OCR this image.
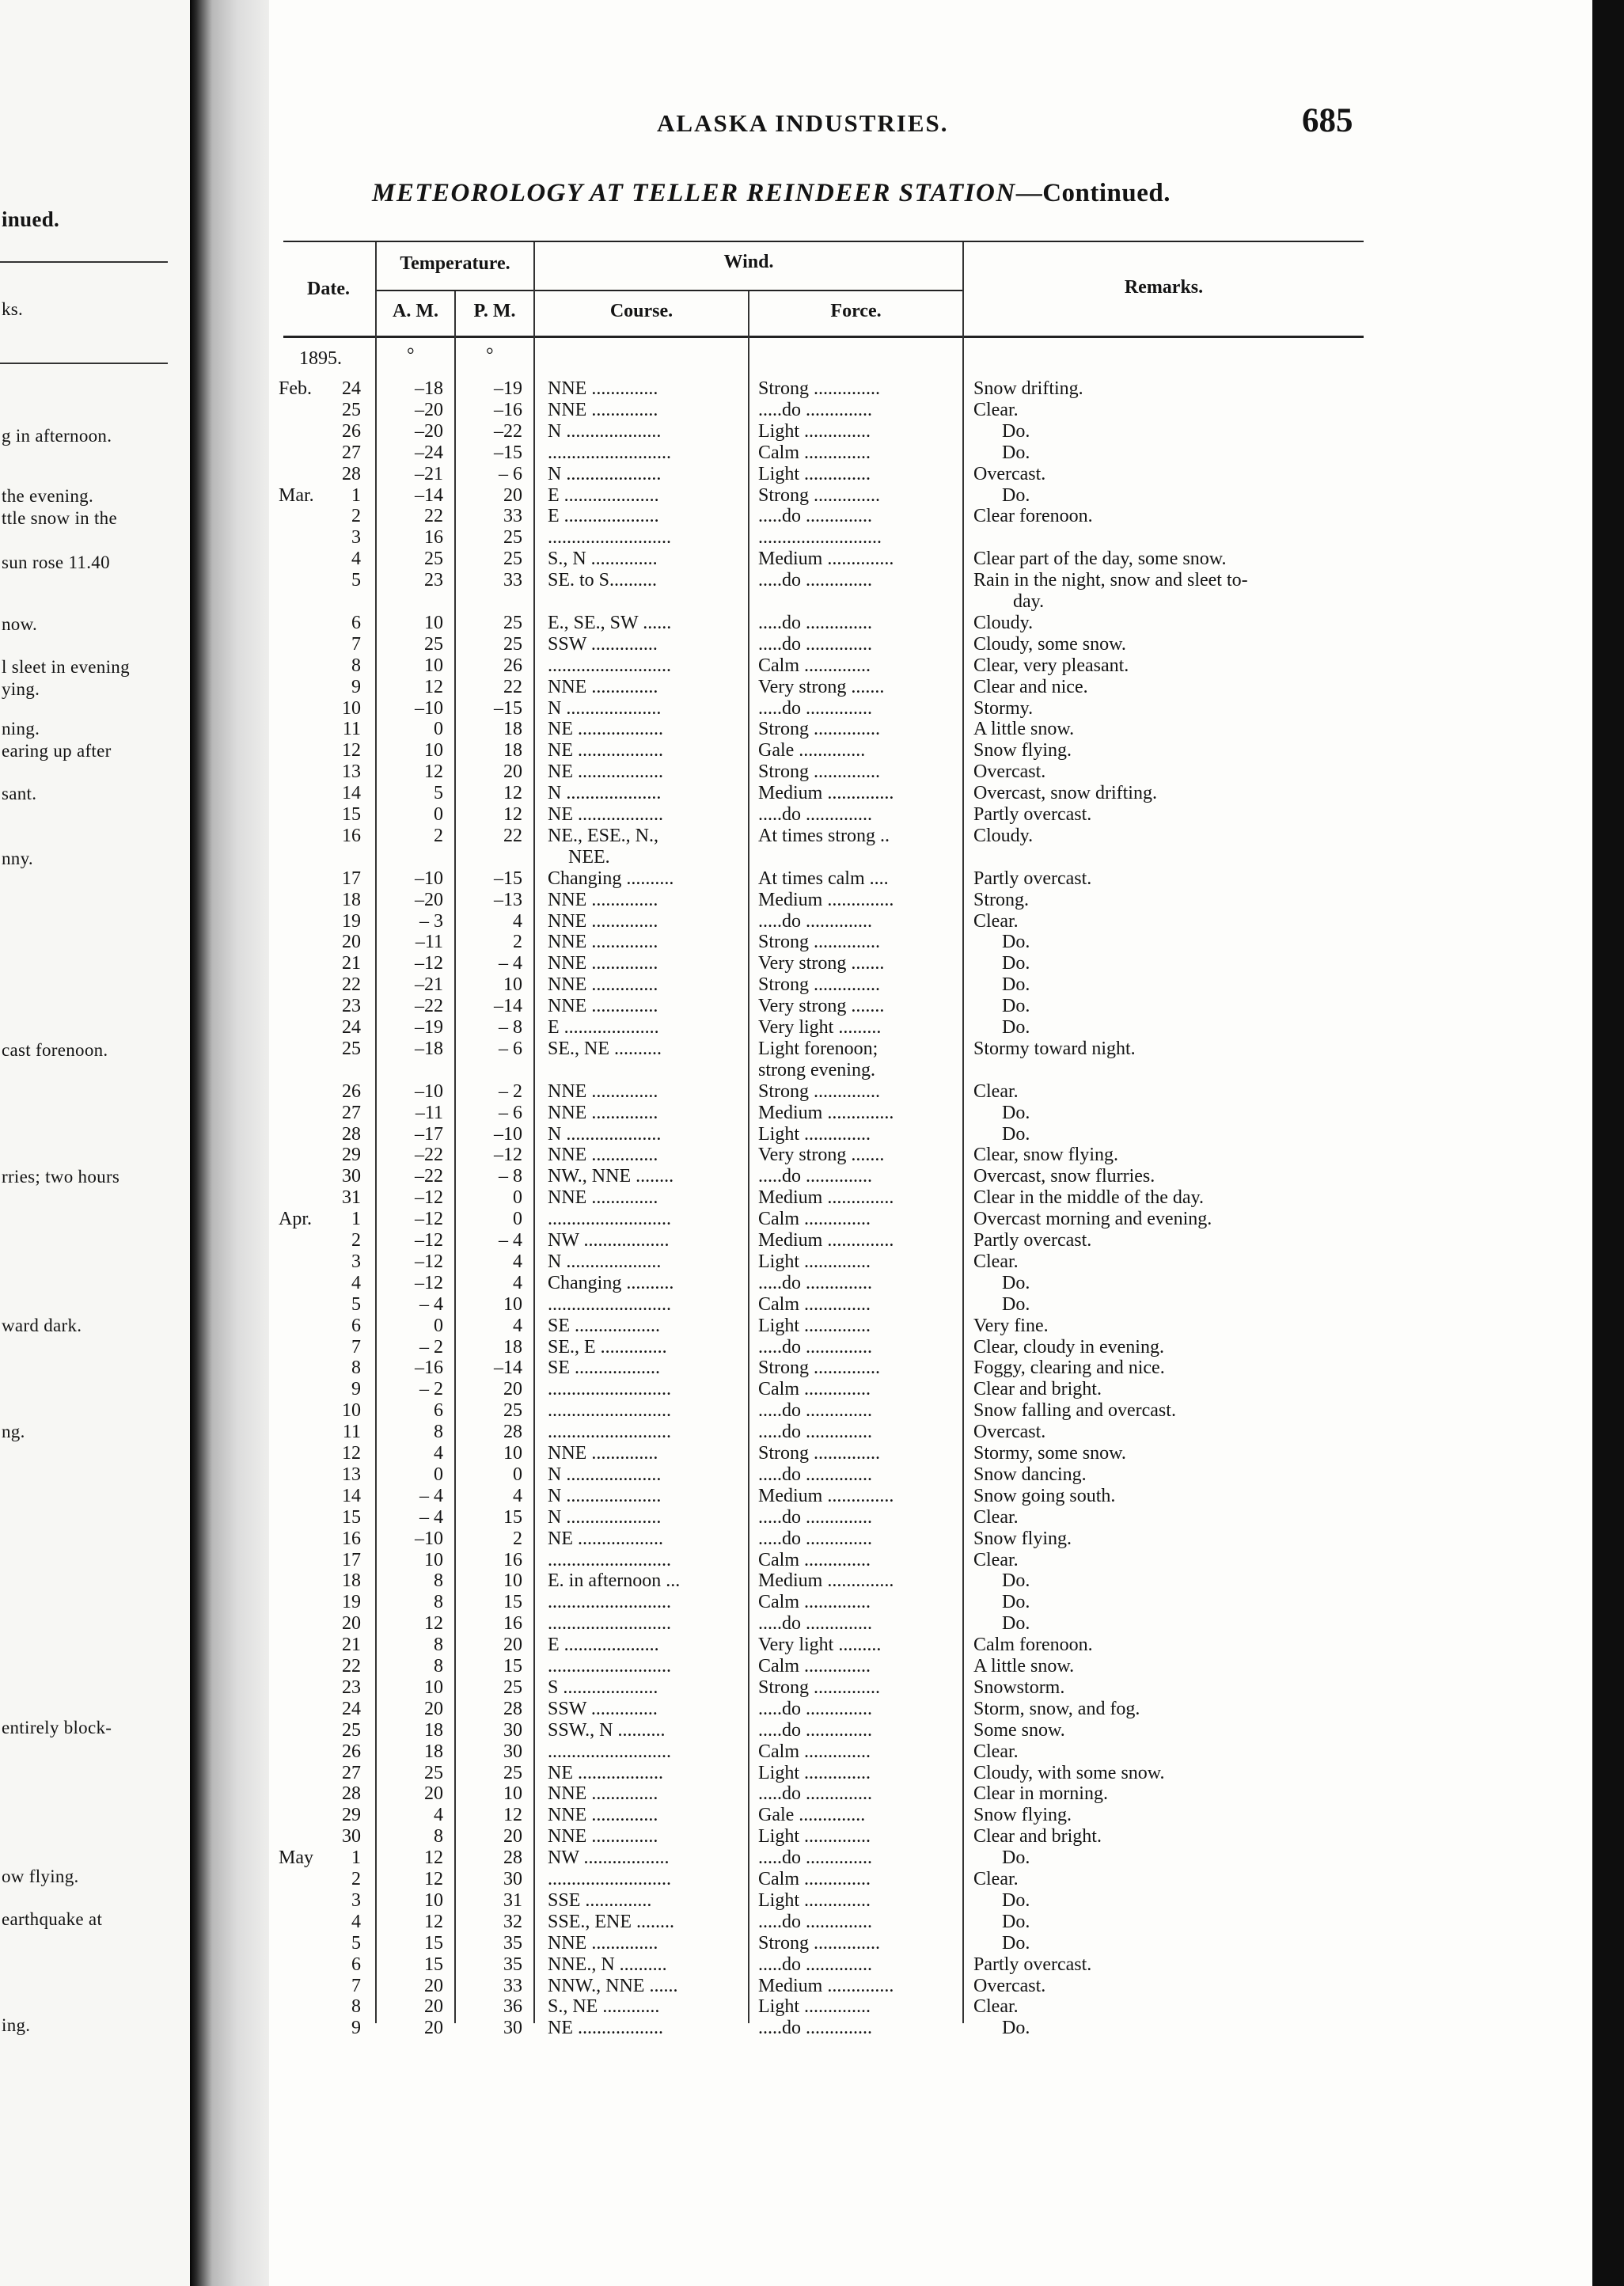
inued.
ks.
g in afternoon.
the evening.
ttle snow in the
sun rose 11.40
now.
l sleet in evening
ying.
ning.
earing up after
sant.
nny.
cast forenoon.
rries; two hours
ward dark.
ng.
entirely block-
ow flying.
earthquake at
ing.
ALASKA INDUSTRIES.	685
METEOROLOGY AT TELLER REINDEER STATION—Continued.
Date.
Temperature.
A. M.	P. M.
Wind.
Course.	Force.
Remarks.
1895.	°	°
Feb.	24	–18	–19 NNE ..............	Strong ..............	Snow drifting.
25	–20	–16 NNE ..............	.....do ..............	Clear.
26	–20	–22 N ....................	Light ..............	Do.
27	–24	–15 ..........................	Calm ..............	Do.
28	–21	– 6 N ....................	Light ..............	Overcast.
Mar.	1	–14	20 E ....................	Strong ..............	Do.
2	22	33 E ....................	.....do ..............	Clear forenoon.
3	16	25 ..........................	..........................
4	25	25 S., N ..............	Medium ..............	Clear part of the day, some snow.
5	23	33 SE. to S..........	.....do ..............	Rain in the night, snow and sleet to-
day.
6	10	25 E., SE., SW ......	.....do ..............	Cloudy.
7	25	25 SSW ..............	.....do ..............	Cloudy, some snow.
8	10	26 ..........................	Calm ..............	Clear, very pleasant.
9	12	22 NNE ..............	Very strong .......	Clear and nice.
10	–10	–15 N ....................	.....do ..............	Stormy.
11	0	18 NE ..................	Strong ..............	A little snow.
12	10	18 NE ..................	Gale ..............	Snow flying.
13	12	20 NE ..................	Strong ..............	Overcast.
14	5	12 N ....................	Medium ..............	Overcast, snow drifting.
15	0	12 NE ..................	.....do ..............	Partly overcast.
16	2	22 NE., ESE., N.,	At times strong ..	Cloudy.
NEE.
17	–10	–15 Changing ..........	At times calm ....	Partly overcast.
18	–20	–13 NNE ..............	Medium ..............	Strong.
19	– 3	4 NNE ..............	.....do ..............	Clear.
20	–11	2 NNE ..............	Strong ..............	Do.
21	–12	– 4 NNE ..............	Very strong .......	Do.
22	–21	10 NNE ..............	Strong ..............	Do.
23	–22	–14 NNE ..............	Very strong .......	Do.
24	–19	– 8 E ....................	Very light .........	Do.
25	–18	– 6 SE., NE ..........	Light forenoon;	Stormy toward night.
strong evening.
26	–10	– 2 NNE ..............	Strong ..............	Clear.
27	–11	– 6 NNE ..............	Medium ..............	Do.
28	–17	–10 N ....................	Light ..............	Do.
29	–22	–12 NNE ..............	Very strong .......	Clear, snow flying.
30	–22	– 8 NW., NNE ........	.....do ..............	Overcast, snow flurries.
31	–12	0 NNE ..............	Medium ..............	Clear in the middle of the day.
Apr.	1	–12	0 ..........................	Calm ..............	Overcast morning and evening.
2	–12	– 4 NW ..................	Medium ..............	Partly overcast.
3	–12	4 N ....................	Light ..............	Clear.
4	–12	4 Changing ..........	.....do ..............	Do.
5	– 4	10 ..........................	Calm ..............	Do.
6	0	4 SE ..................	Light ..............	Very fine.
7	– 2	18 SE., E ..............	.....do ..............	Clear, cloudy in evening.
8	–16	–14 SE ..................	Strong ..............	Foggy, clearing and nice.
9	– 2	20 ..........................	Calm ..............	Clear and bright.
10	6	25 ..........................	.....do ..............	Snow falling and overcast.
11	8	28 ..........................	.....do ..............	Overcast.
12	4	10 NNE ..............	Strong ..............	Stormy, some snow.
13	0	0 N ....................	.....do ..............	Snow dancing.
14	– 4	4 N ....................	Medium ..............	Snow going south.
15	– 4	15 N ....................	.....do ..............	Clear.
16	–10	2 NE ..................	.....do ..............	Snow flying.
17	10	16 ..........................	Calm ..............	Clear.
18	8	10 E. in afternoon ...	Medium ..............	Do.
19	8	15 ..........................	Calm ..............	Do.
20	12	16 ..........................	.....do ..............	Do.
21	8	20 E ....................	Very light .........	Calm forenoon.
22	8	15 ..........................	Calm ..............	A little snow.
23	10	25 S ....................	Strong ..............	Snowstorm.
24	20	28 SSW ..............	.....do ..............	Storm, snow, and fog.
25	18	30 SSW., N ..........	.....do ..............	Some snow.
26	18	30 ..........................	Calm ..............	Clear.
27	25	25 NE ..................	Light ..............	Cloudy, with some snow.
28	20	10 NNE ..............	.....do ..............	Clear in morning.
29	4	12 NNE ..............	Gale ..............	Snow flying.
30	8	20 NNE ..............	Light ..............	Clear and bright.
May	1	12	28 NW ..................	.....do ..............	Do.
2	12	30 ..........................	Calm ..............	Clear.
3	10	31 SSE ..............	Light ..............	Do.
4	12	32 SSE., ENE ........	.....do ..............	Do.
5	15	35 NNE ..............	Strong ..............	Do.
6	15	35 NNE., N ..........	.....do ..............	Partly overcast.
7	20	33 NNW., NNE ......	Medium ..............	Overcast.
8	20	36 S., NE ............	Light ..............	Clear.
9	20	30 NE ..................	.....do ..............	Do.
